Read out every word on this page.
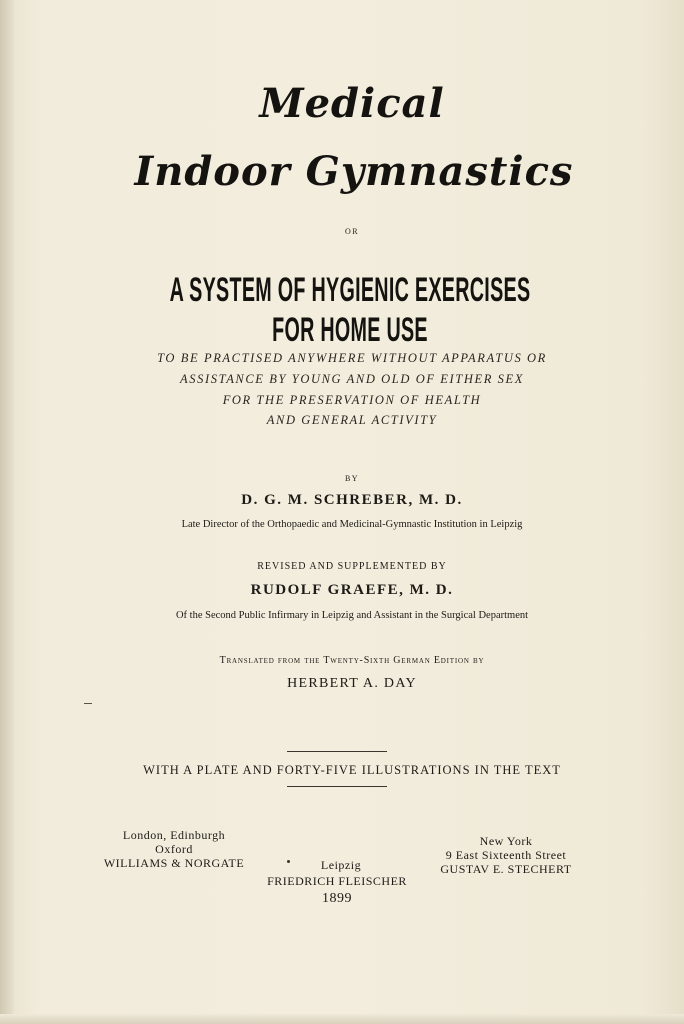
Medical
Indoor Gymnastics

OR

A SYSTEM OF HYGIENIC EXERCISES FOR HOME USE

TO BE PRACTISED ANYWHERE WITHOUT APPARATUS OR

ASSISTANCE BY YOUNG AND OLD OF EITHER SEX

FOR THE PRESERVATION OF HEALTH

AND GENERAL ACTIVITY

BY

D. G. M. SCHREBER, M. D.

Late Director of the Orthopaedic and Medicinal-Gymnastic Institution in Leipzig

REVISED AND SUPPLEMENTED BY

RUDOLF GRAEFE, M. D.

Of the Second Public Infirmary in Leipzig and Assistant in the Surgical Department

Translated from the Twenty-Sixth German Edition by

HERBERT A. DAY

WITH A PLATE AND FORTY-FIVE ILLUSTRATIONS IN THE TEXT

London, Edinburgh
Oxford
WILLIAMS & NORGATE	Leipzig
FRIEDRICH FLEISCHER
New York
9 East Sixteenth Street
GUSTAV E. STECHERT
1899
